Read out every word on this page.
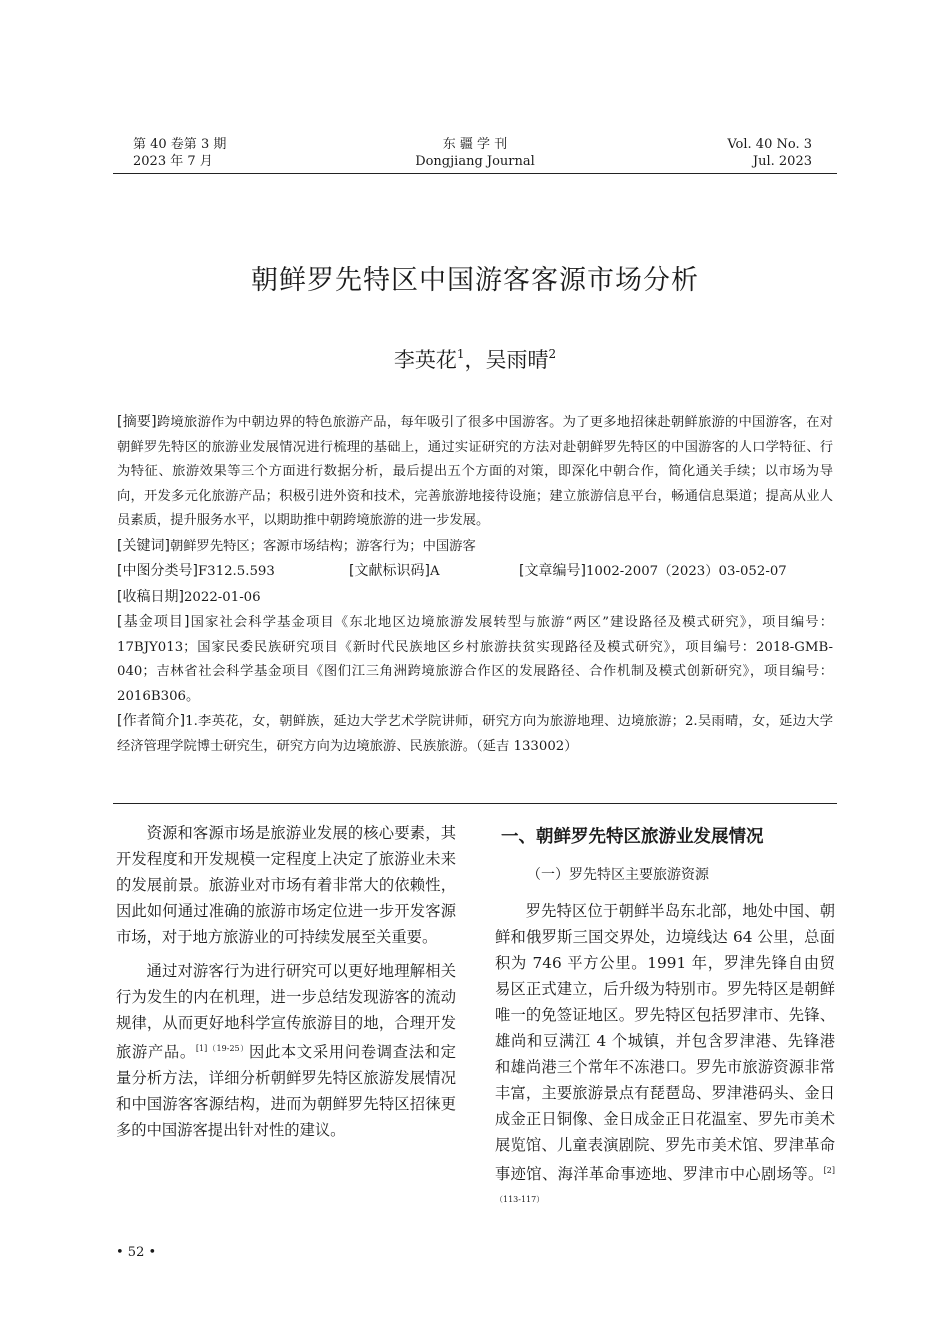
第 40 卷第 3 期
2023 年 7 月
东 疆 学 刊
Dongjiang Journal
Vol. 40 No. 3
Jul. 2023
朝鲜罗先特区中国游客客源市场分析
李英花$^1$，吴雨晴$^2$

[摘要]跨境旅游作为中朝边界的特色旅游产品，每年吸引了很多中国游客。为了更多地招徕赴朝鲜旅游的中国游客，在对朝鲜罗先特区的旅游业发展情况进行梳理的基础上，通过实证研究的方法对赴朝鲜罗先特区的中国游客的人口学特征、行为特征、旅游效果等三个方面进行数据分析，最后提出五个方面的对策，即深化中朝合作，简化通关手续；以市场为导向，开发多元化旅游产品；积极引进外资和技术，完善旅游地接待设施；建立旅游信息平台，畅通信息渠道；提高从业人员素质，提升服务水平，以期助推中朝跨境旅游的进一步发展。

[关键词]朝鲜罗先特区；客源市场结构；游客行为；中国游客

[中图分类号]F312.5.593	[文献标识码]A	[文章编号]1002-2007（2023）03-052-07

[收稿日期]2022-01-06

[基金项目]国家社会科学基金项目《东北地区边境旅游发展转型与旅游“两区”建设路径及模式研究》，项目编号：17BJY013；国家民委民族研究项目《新时代民族地区乡村旅游扶贫实现路径及模式研究》，项目编号：2018-GMB-040；吉林省社会科学基金项目《图们江三角洲跨境旅游合作区的发展路径、合作机制及模式创新研究》，项目编号：2016B306。

[作者简介]1.李英花，女，朝鲜族，延边大学艺术学院讲师，研究方向为旅游地理、边境旅游；2.吴雨晴，女，延边大学经济管理学院博士研究生，研究方向为边境旅游、民族旅游。（延吉 133002）

资源和客源市场是旅游业发展的核心要素，其开发程度和开发规模一定程度上决定了旅游业未来的发展前景。旅游业对市场有着非常大的依赖性，因此如何通过准确的旅游市场定位进一步开发客源市场，对于地方旅游业的可持续发展至关重要。

通过对游客行为进行研究可以更好地理解相关行为发生的内在机理，进一步总结发现游客的流动规律，从而更好地科学宣传旅游目的地，合理开发旅游产品。$^{[1](19-25)}$因此本文采用问卷调查法和定量分析方法，详细分析朝鲜罗先特区旅游发展情况和中国游客客源结构，进而为朝鲜罗先特区招徕更多的中国游客提出针对性的建议。

一、朝鲜罗先特区旅游业发展情况
（一）罗先特区主要旅游资源

罗先特区位于朝鲜半岛东北部，地处中国、朝鲜和俄罗斯三国交界处，边境线达 64 公里，总面积为 746 平方公里。1991 年，罗津先锋自由贸易区正式建立，后升级为特别市。罗先特区是朝鲜唯一的免签证地区。罗先特区包括罗津市、先锋、雄尚和豆满江 4 个城镇，并包含罗津港、先锋港和雄尚港三个常年不冻港口。罗先市旅游资源非常丰富，主要旅游景点有琵琶岛、罗津港码头、金日成金正日铜像、金日成金正日花温室、罗先市美术展览馆、儿童表演剧院、罗先市美术馆、罗津革命事迹馆、海洋革命事迹地、罗津市中心剧场等。$^{[2](113-117)}$

• 52 •
